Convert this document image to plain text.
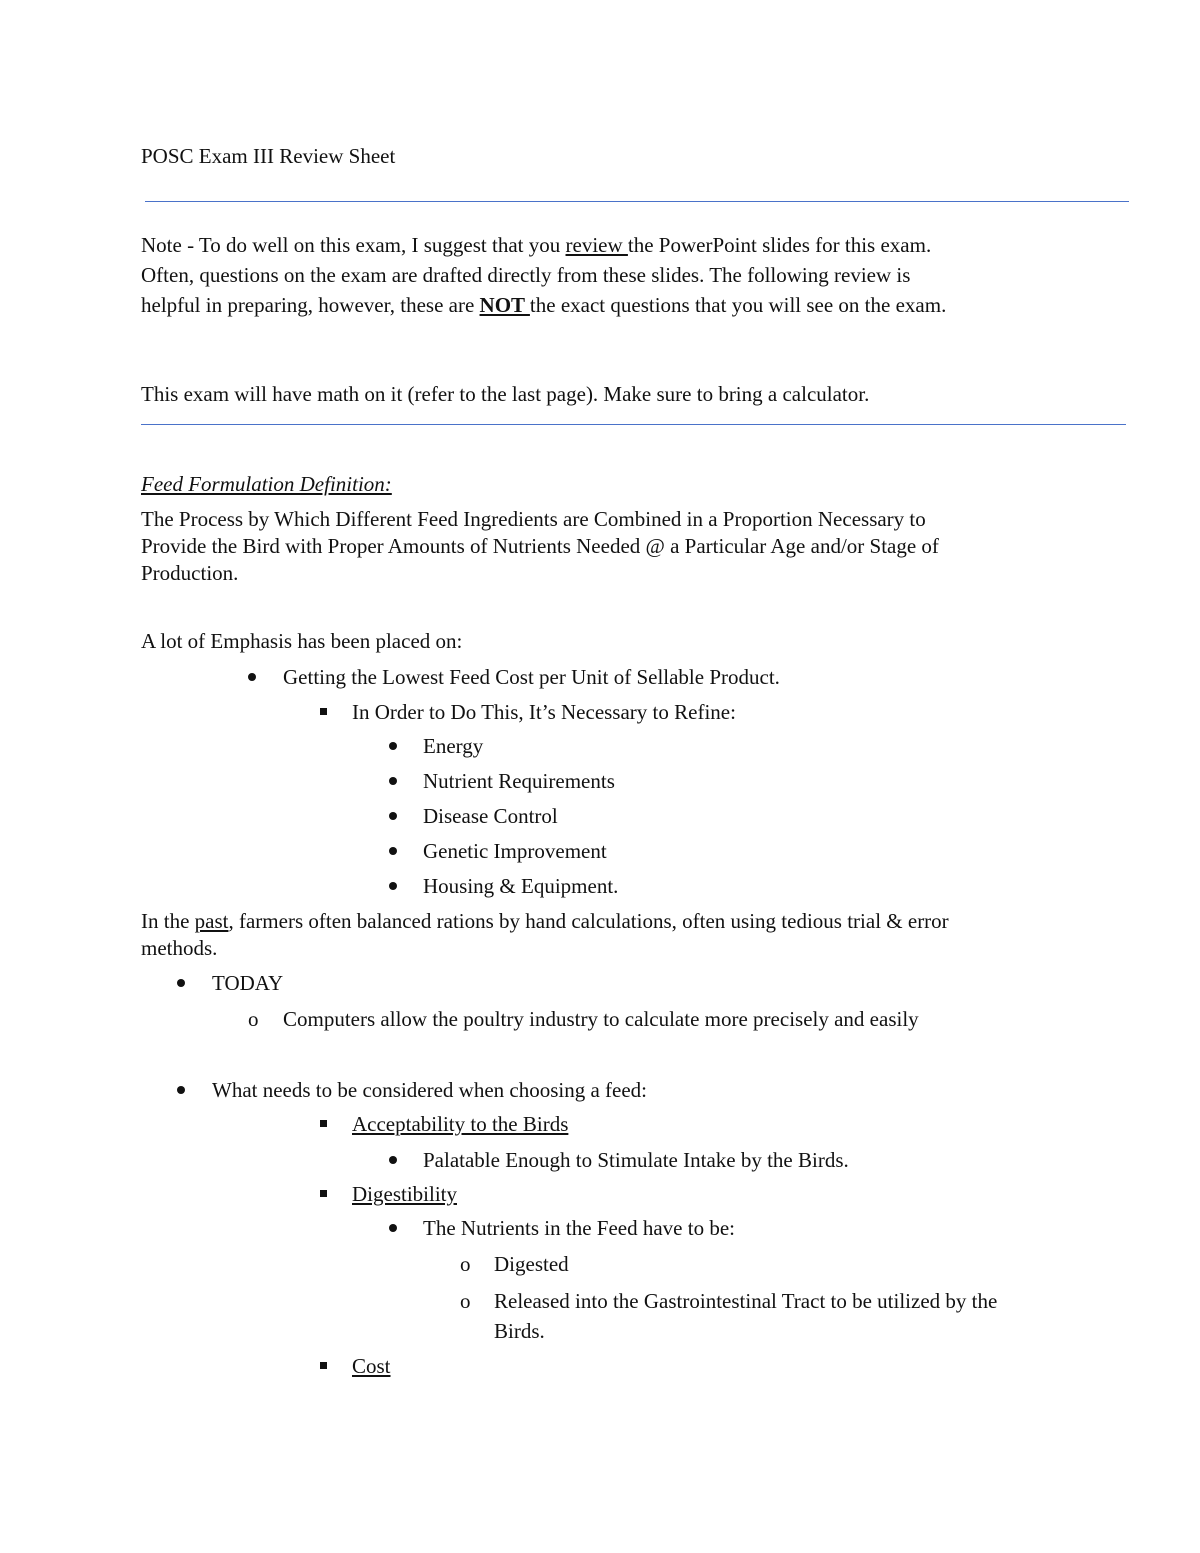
POSC Exam III Review Sheet
Note - To do well on this exam, I suggest that you review the PowerPoint slides for this exam.
Often, questions on the exam are drafted directly from these slides. The following review is
helpful in preparing, however, these are NOT the exact questions that you will see on the exam.
This exam will have math on it (refer to the last page). Make sure to bring a calculator.
Feed Formulation Definition:
The Process by Which Different Feed Ingredients are Combined in a Proportion Necessary to
Provide the Bird with Proper Amounts of Nutrients Needed @ a Particular Age and/or Stage of
Production.
A lot of Emphasis has been placed on:
Getting the Lowest Feed Cost per Unit of Sellable Product.
In Order to Do This, It’s Necessary to Refine:
Energy
Nutrient Requirements
Disease Control
Genetic Improvement
Housing & Equipment.
In the past, farmers often balanced rations by hand calculations, often using tedious trial & error
methods.
TODAY
o Computers allow the poultry industry to calculate more precisely and easily
What needs to be considered when choosing a feed:
Acceptability to the Birds
Palatable Enough to Stimulate Intake by the Birds.
Digestibility
The Nutrients in the Feed have to be:
o Digested
o Released into the Gastrointestinal Tract to be utilized by the
Birds.
Cost
